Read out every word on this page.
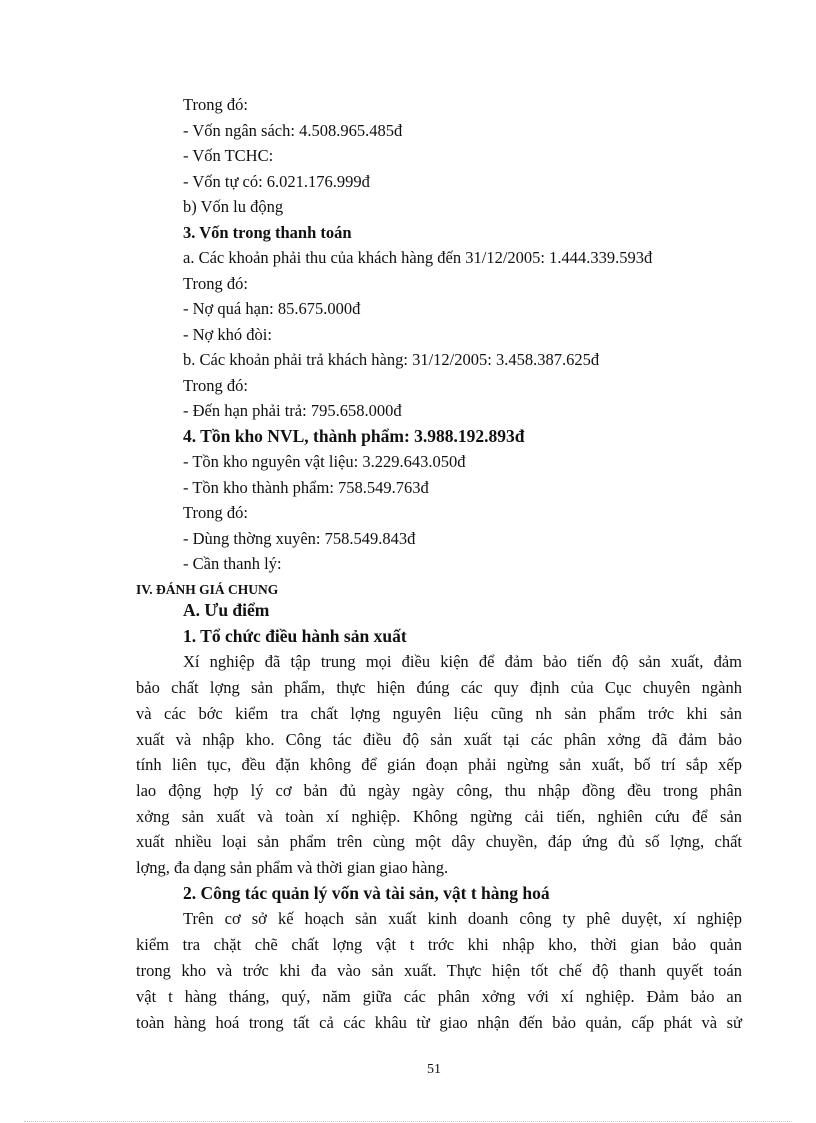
Trong đó:
- Vốn ngân sách: 4.508.965.485đ
- Vốn TCHC:
- Vốn tự có: 6.021.176.999đ
b) Vốn lu động
3. Vốn trong thanh toán
a. Các khoản phải thu của khách hàng đến 31/12/2005: 1.444.339.593đ
Trong đó:
- Nợ quá hạn: 85.675.000đ
- Nợ khó đòi:
b. Các khoản phải trả khách hàng: 31/12/2005: 3.458.387.625đ
Trong đó:
- Đến hạn phải trả: 795.658.000đ
4. Tồn kho NVL, thành phẩm: 3.988.192.893đ
- Tồn kho nguyên vật liệu: 3.229.643.050đ
- Tồn kho thành phẩm: 758.549.763đ
Trong đó:
- Dùng thờng xuyên: 758.549.843đ
- Cần thanh lý:
IV. ĐÁNH GIÁ CHUNG
A. Ưu điểm
1. Tổ chức điều hành sản xuất
Xí nghiệp đã tập trung mọi điều kiện để đảm bảo tiến độ sản xuất, đảm
bảo chất lợng sản phẩm, thực hiện đúng các quy định của Cục chuyên ngành
và các bớc kiểm tra chất lợng nguyên liệu cũng nh sản phẩm trớc khi sản
xuất và nhập kho. Công tác điều độ sản xuất tại các phân xởng đã đảm bảo
tính liên tục, đều đặn không để gián đoạn phải ngừng sản xuất, bố trí sắp xếp
lao động hợp lý cơ bản đủ ngày ngày công, thu nhập đồng đều trong phân
xởng sản xuất và toàn xí nghiệp. Không ngừng cải tiến, nghiên cứu để sản
xuất nhiều loại sản phẩm trên cùng một dây chuyền, đáp ứng đủ số lợng, chất
lợng, đa dạng sản phẩm và thời gian giao hàng.
2. Công tác quản lý vốn và tài sản, vật t hàng hoá
Trên cơ sở kế hoạch sản xuất kinh doanh công ty phê duyệt, xí nghiệp
kiểm tra chặt chẽ chất lợng vật t trớc khi nhập kho, thời gian bảo quản
trong kho và trớc khi đa vào sản xuất. Thực hiện tốt chế độ thanh quyết toán
vật t hàng tháng, quý, năm giữa các phân xởng với xí nghiệp. Đảm bảo an
toàn hàng hoá trong tất cả các khâu từ giao nhận đến bảo quản, cấp phát và sử
51
